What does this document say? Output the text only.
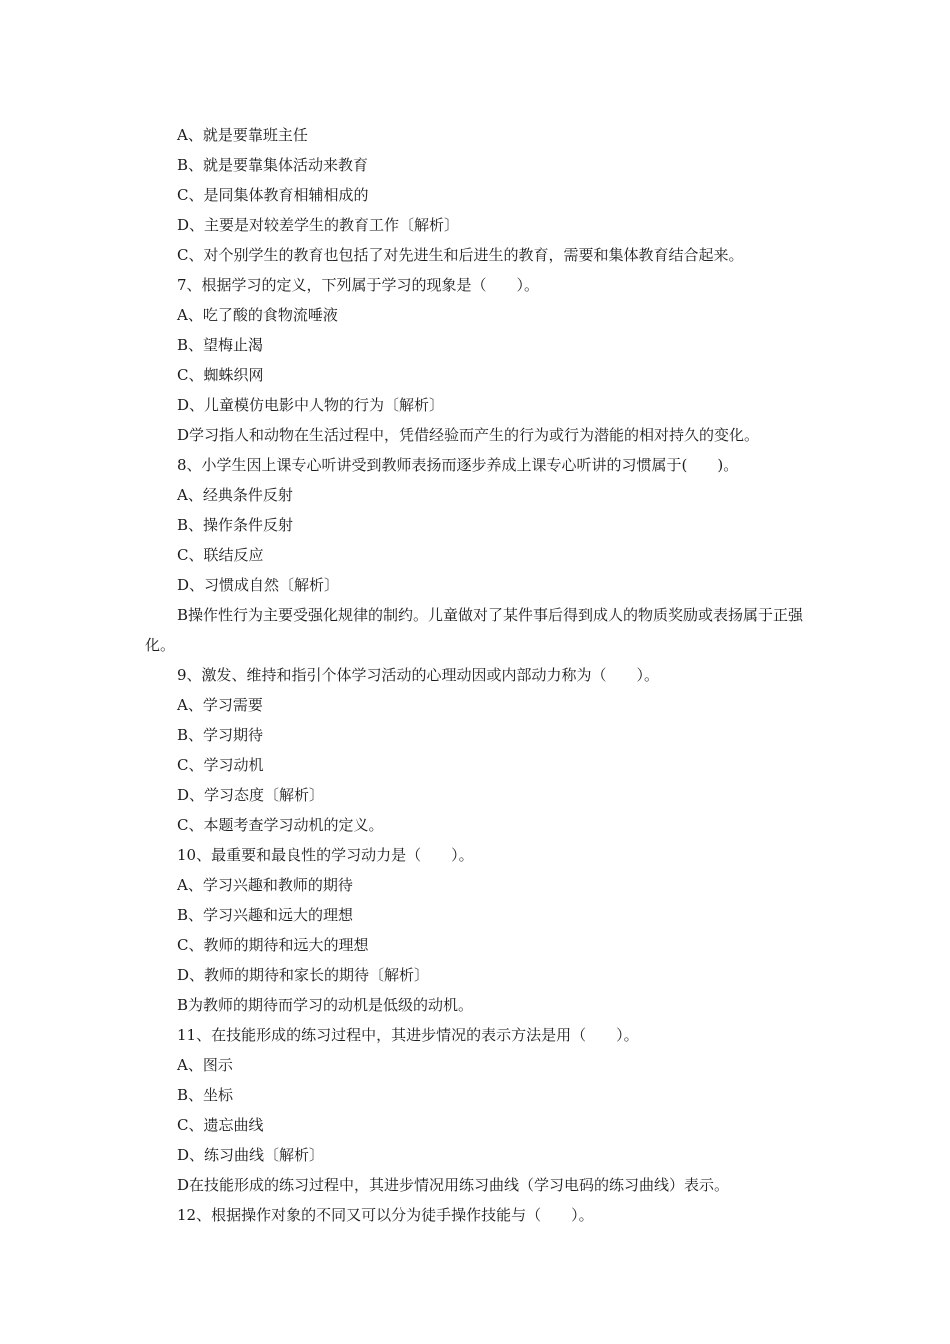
A、就是要靠班主任

B、就是要靠集体活动来教育

C、是同集体教育相辅相成的

D、主要是对较差学生的教育工作〔解析〕

C、对个别学生的教育也包括了对先进生和后进生的教育，需要和集体教育结合起来。

7、根据学习的定义，下列属于学习的现象是（　　）。

A、吃了酸的食物流唾液

B、望梅止渴

C、蜘蛛织网

D、儿童模仿电影中人物的行为〔解析〕

D学习指人和动物在生活过程中，凭借经验而产生的行为或行为潜能的相对持久的变化。

8、小学生因上课专心听讲受到教师表扬而逐步养成上课专心听讲的习惯属于(　　)。

A、经典条件反射

B、操作条件反射

C、联结反应

D、习惯成自然〔解析〕

B操作性行为主要受强化规律的制约。儿童做对了某件事后得到成人的物质奖励或表扬属于正强化。

9、激发、维持和指引个体学习活动的心理动因或内部动力称为（　　）。

A、学习需要

B、学习期待

C、学习动机

D、学习态度〔解析〕

C、本题考查学习动机的定义。

10、最重要和最良性的学习动力是（　　）。

A、学习兴趣和教师的期待

B、学习兴趣和远大的理想

C、教师的期待和远大的理想

D、教师的期待和家长的期待〔解析〕

B为教师的期待而学习的动机是低级的动机。

11、在技能形成的练习过程中，其进步情况的表示方法是用（　　）。

A、图示

B、坐标

C、遗忘曲线

D、练习曲线〔解析〕

D在技能形成的练习过程中，其进步情况用练习曲线（学习电码的练习曲线）表示。

12、根据操作对象的不同又可以分为徒手操作技能与（　　）。
